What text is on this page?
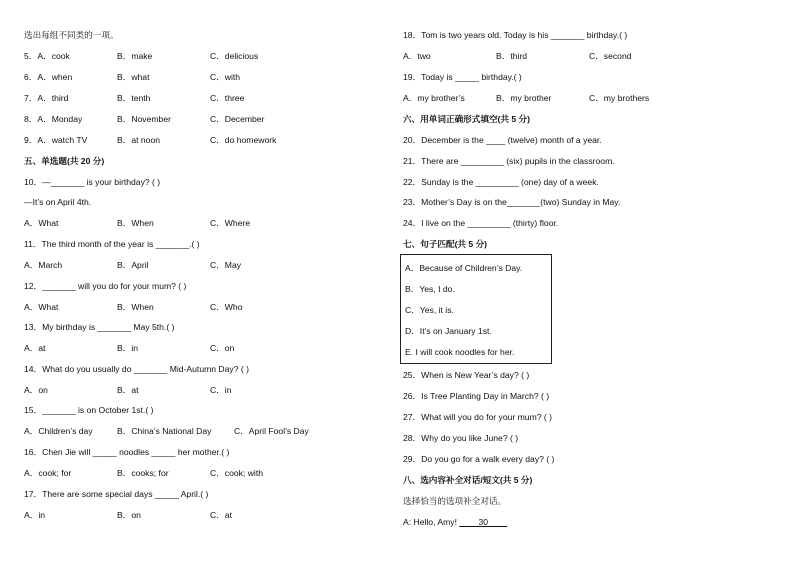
选出每组不同类的一项。
5．A．cook	B．make	C．delicious
6．A．when	B．what	C．with
7．A．third	B．tenth	C．three
8．A．Monday	B．November	C．December
9．A．watch TV	B．at noon	C．do homework
五、单选题(共 20 分)
10．—_______ is your birthday? ( )
—It’s on April 4th.
A．What	B．When	C．Where
11．The third month of the year is _______.( )
A．March	B．April	C．May
12．_______ will you do for your mum? ( )
A．What	B．When	C．Who
13．My birthday is _______ May 5th.( )
A．at	B．in	C．on
14．What do you usually do _______ Mid-Autumn Day? ( )
A．on	B．at	C．in
15．_______ is on October 1st.( )
A．Children’s day	B．China’s National Day	C．April Fool’s Day
16．Chen Jie will _____ noodles _____ her mother.( )
A．cook; for	B．cooks; for	C．cook; with
17．There are some special days _____ April.( )
A．in	B．on	C．at
18．Tom is two years old. Today is his _______ birthday.( )
A．two	B．third	C．second
19．Today is _____ birthday.( )
A．my brother’s	B．my brother	C．my brothers
六、用单词正确形式填空(共 5 分)
20．December is the ____ (twelve) month of a year.
21．There are _________ (six) pupils in the classroom.
22．Sunday is the _________ (one) day of a week.
23．Mother’s Day is on the_______(two) Sunday in May.
24．I live on the _________ (thirty) floor.
七、句子匹配(共 5 分)
25．When is New Year’s day? ( )
26．Is Tree Planting Day in March? ( )
27．What will you do for your mum? ( )
28．Why do you like June? ( )
29．Do you go for a walk every day? ( )
八、选内容补全对话/短文(共 5 分)
选择恰当的选项补全对话。
A: Hello, Amy! ____30____
A．Because of Children’s Day.
B．Yes, I do.
C．Yes, it is.
D．It’s on January 1st.
E. I will cook noodles for her.
